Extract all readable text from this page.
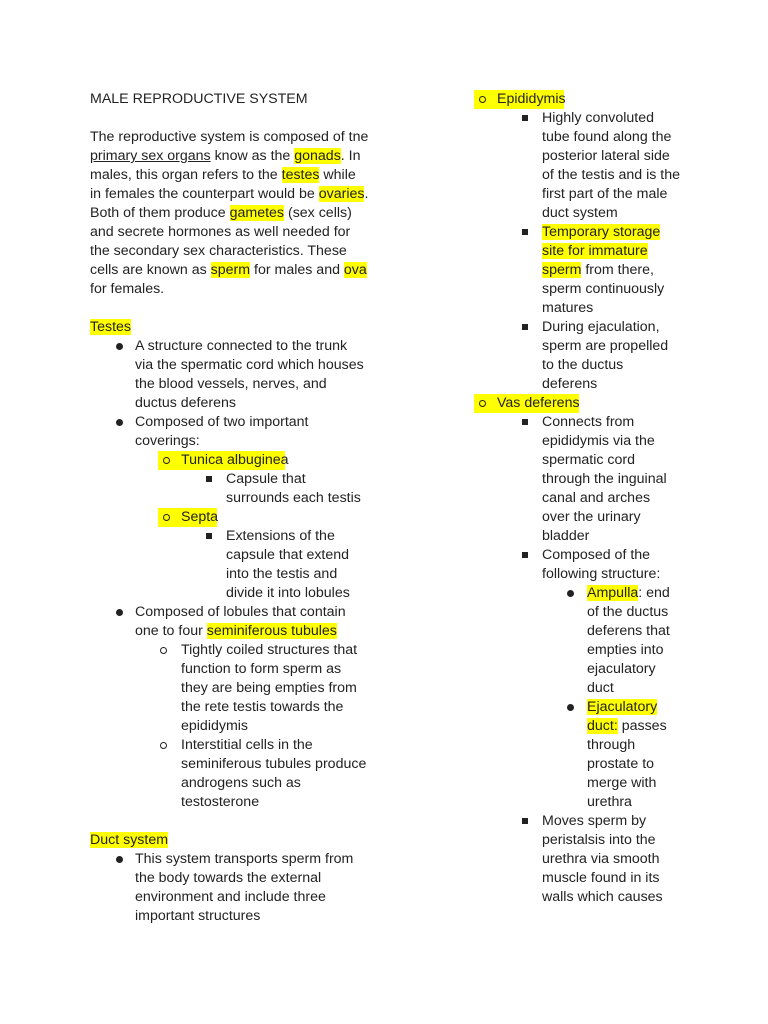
MALE REPRODUCTIVE SYSTEM
The reproductive system is composed of tne
primary sex organs know as the gonads. In
males, this organ refers to the testes while
in females the counterpart would be ovaries.
Both of them produce gametes (sex cells)
and secrete hormones as well needed for
the secondary sex characteristics. These
cells are known as sperm for males and ova
for females.
Testes
A structure connected to the trunk
via the spermatic cord which houses
the blood vessels, nerves, and
ductus deferens
Composed of two important
coverings:
Tunica albuginea
Capsule that
surrounds each testis
Septa
Extensions of the
capsule that extend
into the testis and
divide it into lobules
Composed of lobules that contain
one to four seminiferous tubules
Tightly coiled structures that
function to form sperm as
they are being empties from
the rete testis towards the
epididymis
Interstitial cells in the
seminiferous tubules produce
androgens such as
testosterone
Duct system
This system transports sperm from
the body towards the external
environment and include three
important structures
Epididymis
Highly convoluted
tube found along the
posterior lateral side
of the testis and is the
first part of the male
duct system
Temporary storage
site for immature
sperm from there,
sperm continuously
matures
During ejaculation,
sperm are propelled
to the ductus
deferens
Vas deferens
Connects from
epididymis via the
spermatic cord
through the inguinal
canal and arches
over the urinary
bladder
Composed of the
following structure:
Ampulla: end
of the ductus
deferens that
empties into
ejaculatory
duct
Ejaculatory
duct: passes
through
prostate to
merge with
urethra
Moves sperm by
peristalsis into the
urethra via smooth
muscle found in its
walls which causes
